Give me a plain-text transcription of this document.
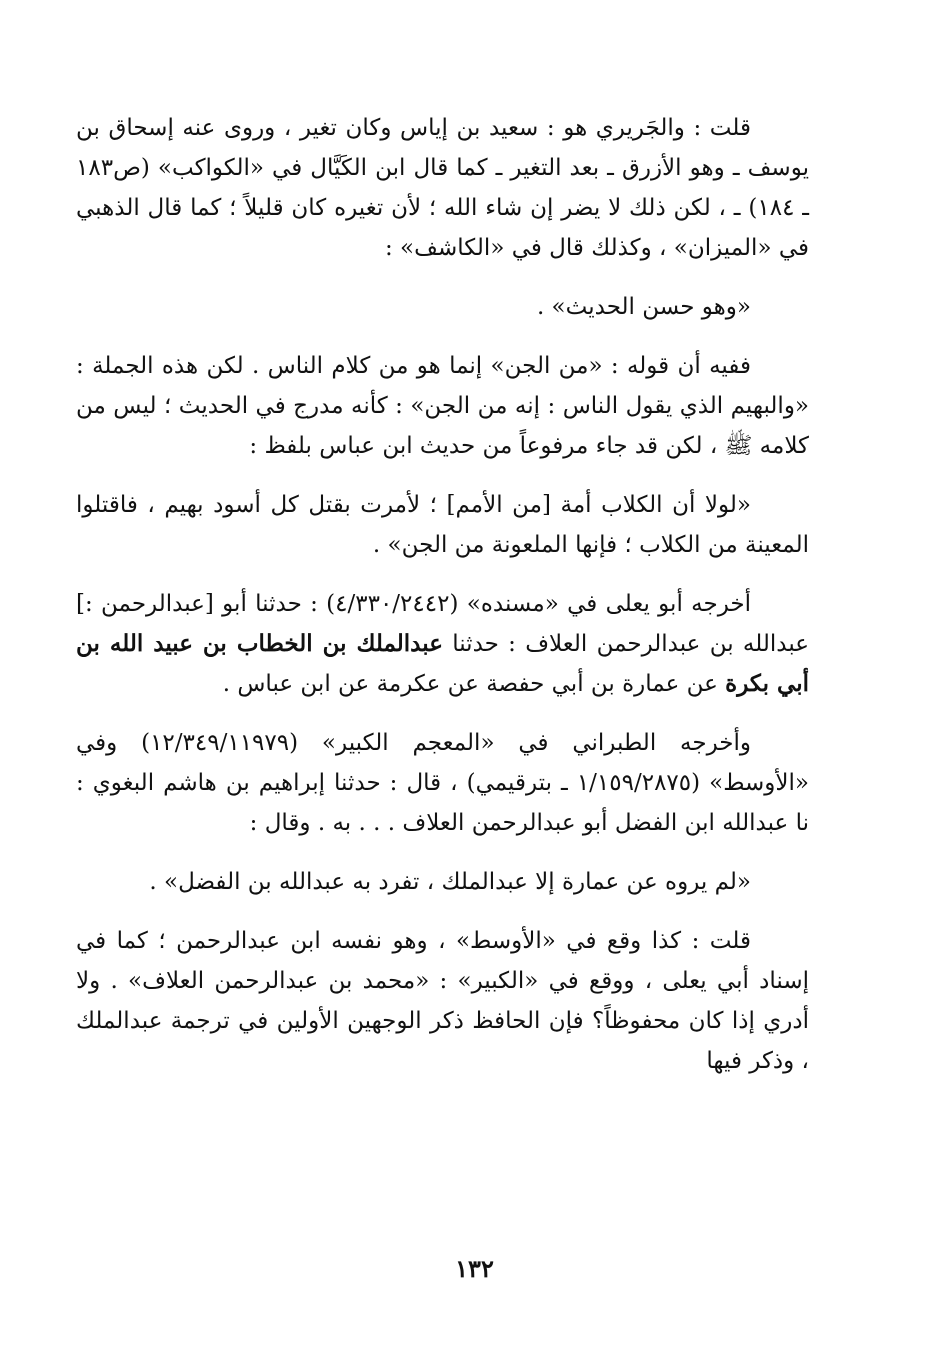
قلت : والجَريري هو : سعيد بن إياس وكان تغير ، وروى عنه إسحاق بن يوسف ـ وهو الأزرق ـ بعد التغير ـ كما قال ابن الكَيَّال في «الكواكب» (ص١٨٣ ـ ١٨٤) ـ ، لكن ذلك لا يضر إن شاء الله ؛ لأن تغيره كان قليلاً ؛ كما قال الذهبي في «الميزان» ، وكذلك قال في «الكاشف» :

«وهو حسن الحديث» .

ففيه أن قوله : «من الجن» إنما هو من كلام الناس . لكن هذه الجملة : «والبهيم الذي يقول الناس : إنه من الجن» : كأنه مدرج في الحديث ؛ ليس من كلامه ﷺ ، لكن قد جاء مرفوعاً من حديث ابن عباس بلفظ :

«لولا أن الكلاب أمة [من الأمم] ؛ لأمرت بقتل كل أسود بهيم ، فاقتلوا المعينة من الكلاب ؛ فإنها الملعونة من الجن» .

أخرجه أبو يعلى في «مسنده» (٤/٣٣٠/٢٤٤٢) : حدثنا أبو [عبدالرحمن :] عبدالله بن عبدالرحمن العلاف : حدثنا عبدالملك بن الخطاب بن عبيد الله بن أبي بكرة عن عمارة بن أبي حفصة عن عكرمة عن ابن عباس .

وأخرجه الطبراني في «المعجم الكبير» (١٢/٣٤٩/١١٩٧٩) وفي «الأوسط» (١/١٥٩/٢٨٧٥ ـ بترقيمي) ، قال : حدثنا إبراهيم بن هاشم البغوي : نا عبدالله ابن الفضل أبو عبدالرحمن العلاف . . . به . وقال :

«لم يروه عن عمارة إلا عبدالملك ، تفرد به عبدالله بن الفضل» .

قلت : كذا وقع في «الأوسط» ، وهو نفسه ابن عبدالرحمن ؛ كما في إسناد أبي يعلى ، ووقع في «الكبير» : «محمد بن عبدالرحمن العلاف» . ولا أدري إذا كان محفوظاً؟ فإن الحافظ ذكر الوجهين الأولين في ترجمة عبدالملك ، وذكر فيها

١٣٢
